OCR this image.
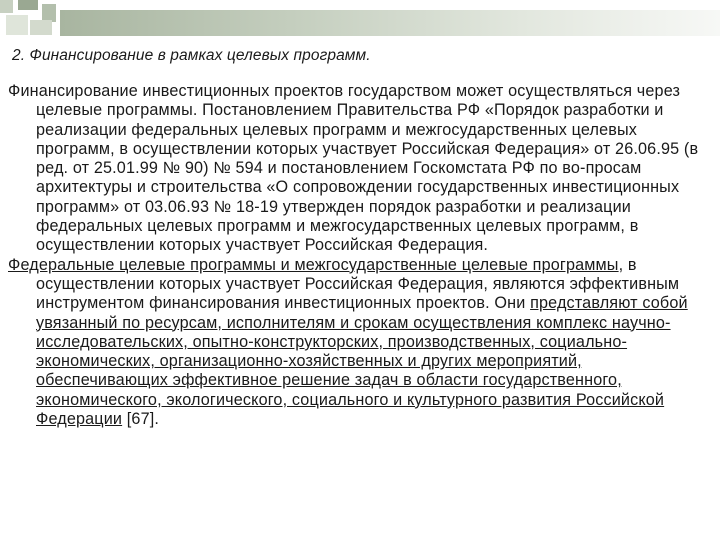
2. Финансирование в рамках целевых программ.

Финансирование инвестиционных проектов государством может осуществляться через целевые программы. Постановлением Правительства РФ «Порядок разработки и реализации федеральных целевых программ и межгосударственных целевых программ, в осуществлении которых участвует Российская Федерация» от 26.06.95 (в ред. от 25.01.99 № 90) № 594 и постановлением Госкомстата РФ по во-просам архитектуры и строительства «О сопровождении государственных инвестиционных программ» от 03.06.93 № 18-19 утвержден порядок разработки и реализации федеральных целевых программ и межгосударственных целевых программ, в осуществлении которых участвует Российская Федерация.

Федеральные целевые программы и межгосударственные целевые программы, в осуществлении которых участвует Российская Федерация, являются эффективным инструментом финансирования инвестиционных проектов. Они представляют собой увязанный по ресурсам, исполнителям и срокам осуществления комплекс научно-исследовательских, опытно-конструкторских, производственных, социально-экономических, организационно-хозяйственных и других мероприятий, обеспечивающих эффективное решение задач в области государственного, экономического, экологического, социального и культурного развития Российской Федерации [67].
